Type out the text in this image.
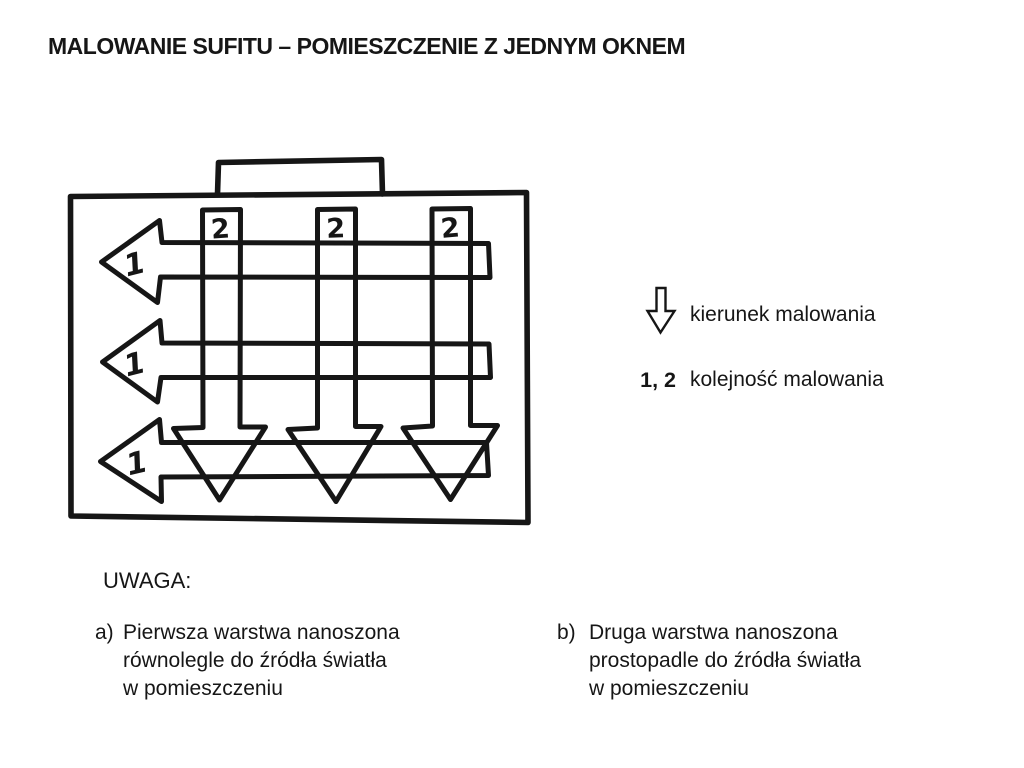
MALOWANIE SUFITU – POMIESZCZENIE Z JEDNYM OKNEM
1
1
1
2	2	2
kierunek malowania
1, 2 kolejność malowania
UWAGA:
a) Pierwsza warstwa nanoszona
równolegle do źródła światła
w pomieszczeniu
b) Druga warstwa nanoszona
prostopadle do źródła światła
w pomieszczeniu
